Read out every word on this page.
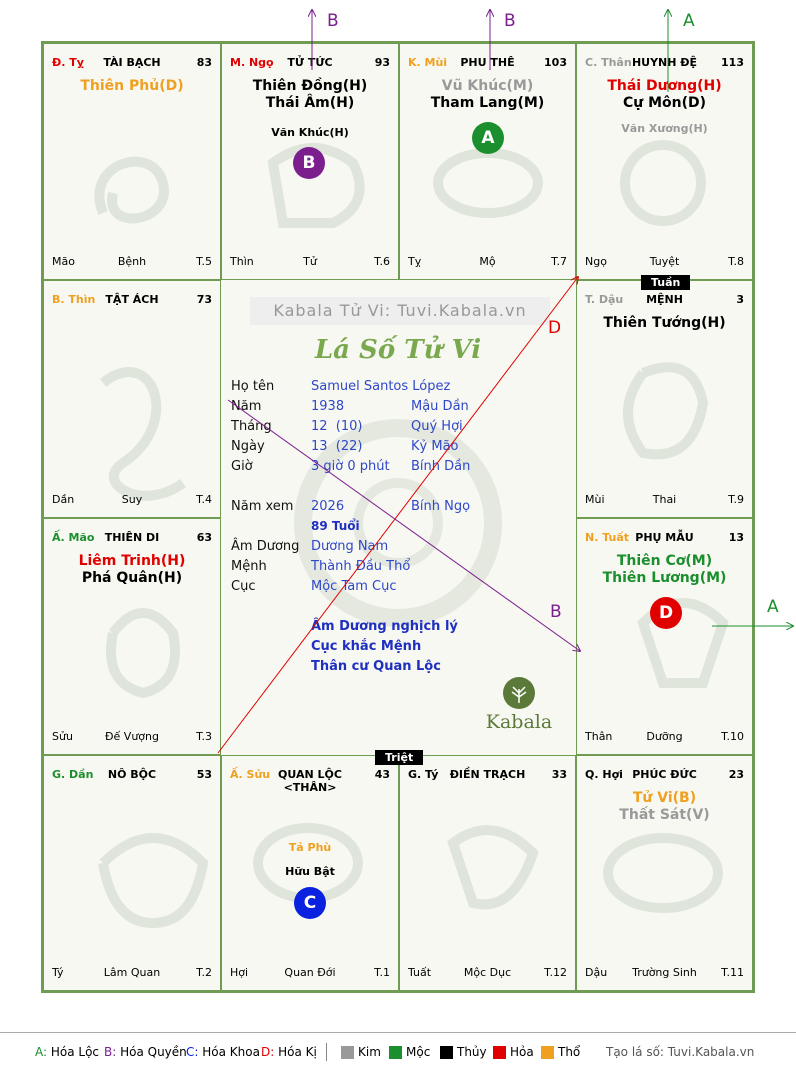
B	B	A
A
D
B
Kabala Tử Vi: Tuvi.Kabala.vn
Đ. Tỵ	TÀI BẠCH	83
Thiên Phủ(D)
Mão	Bệnh	T.5
M. Ngọ	TỬ TỨC	93
Thiên Đồng(H)
Thái Âm(H)
Văn Khúc(H)
B
Thìn	Tử	T.6
K. Mùi	PHU THÊ	103
Vũ Khúc(M)
Tham Lang(M)
A
Tỵ	Mộ	T.7
C. Thân HUYNH ĐỆ	113
Thái Dương(H)
Cự Môn(D)
Văn Xương(H)
Ngọ	Tuyệt	T.8
B. Thìn TẬT ÁCH	73
Dần	Suy	T.4
T. Dậu	MỆNH	3
Thiên Tướng(H)
Mùi	Thai	T.9
Ấ. Mão THIÊN DI	63
Liêm Trinh(H)
Phá Quân(H)
Sửu	Đế Vượng	T.3
N. Tuất PHỤ MẪU	13
Thiên Cơ(M)
Thiên Lương(M)
D
Thân	Dưỡng	T.10
G. Dần	NÔ BỘC	53
Tý	Lâm Quan	T.2
Ấ. Sửu QUAN LỘC <THÂN>
43
Tả Phù
Hữu Bật
C
Hợi	Quan Đới	T.1
G. Tý	ĐIỀN TRẠCH	33
Tuất	Mộc Dục	T.12
Q. Hợi PHÚC ĐỨC	23
Tử Vi(B)
Thất Sát(V)
Dậu	Trường Sinh	T.11
Tuần
Triệt
Lá Số Tử Vi
Họ tên	Samuel Santos López
Năm	1938	Mậu Dần
Tháng	12  (10)	Quý Hợi
Ngày	13  (22)	Kỷ Mão
Giờ	3 giờ 0 phút Bính Dần
Năm xem 2026	Bính Ngọ
89 Tuổi
Âm Dương Dương Nam
Mệnh	Thành Đầu Thổ
Cục	Mộc Tam Cục
Âm Dương nghịch lý
Cục khắc Mệnh
Thân cư Quan Lộc
Kabala
A: Hóa Lộc B: Hóa Quyền C: Hóa Khoa D: Hóa Kị	Kim Mộc Thủy Hỏa Thổ Tạo lá số: Tuvi.Kabala.vn
